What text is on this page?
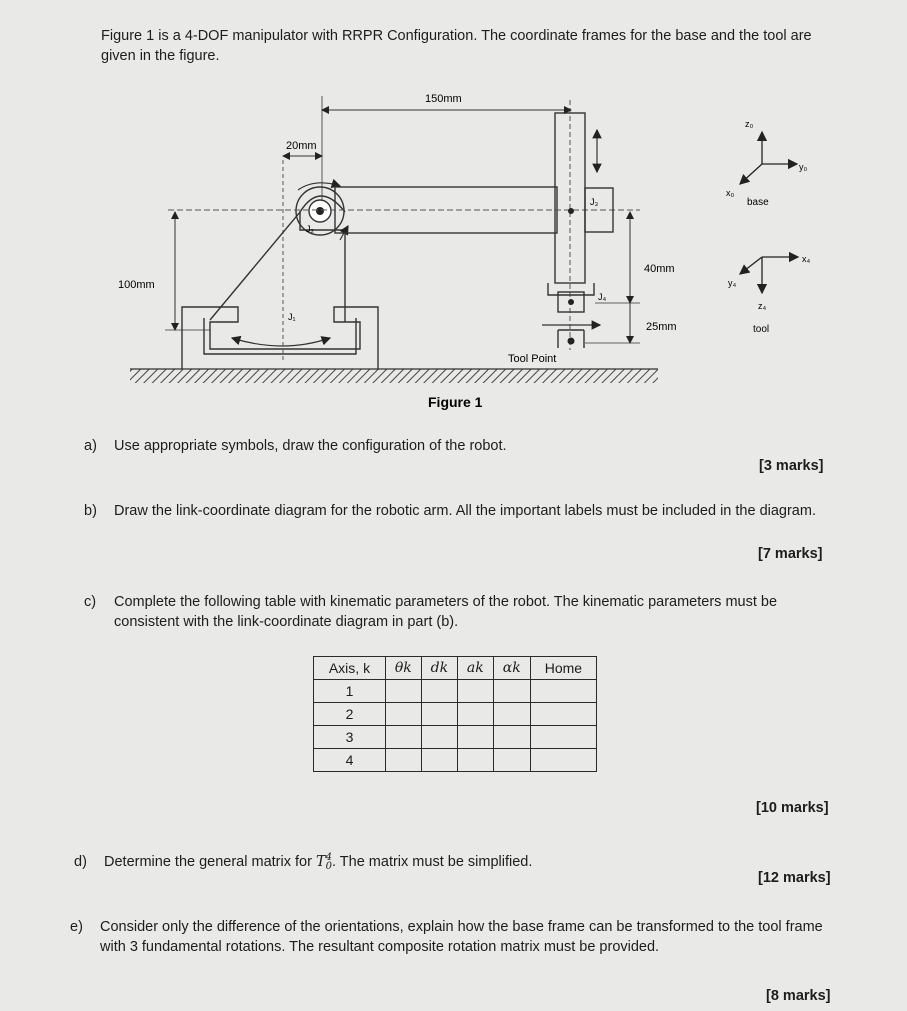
Figure 1 is a 4-DOF manipulator with RRPR Configuration. The coordinate frames for the base and the tool are given in the figure.
150mm
20mm
100mm
40mm
25mm
J₂
J₁
J₃
J₄
Tool Point
Figure 1
z₀
y₀
x₀
base
x₄
y₄
z₄
tool
a) Use appropriate symbols, draw the configuration of the robot.
[3 marks]
b)	Draw the link-coordinate diagram for the robotic arm. All the important labels must be included in the diagram.
[7 marks]
c)	Complete the following table with kinematic parameters of the robot. The kinematic parameters must be consistent with the link-coordinate diagram in part (b).
Axis, k	θk	dk	ak	αk	Home
1					
2					
3					
4					
[10 marks]
d) Determine the general matrix for T 4
0 . The matrix must be simplified.
[12 marks]
e)	Consider only the difference of the orientations, explain how the base frame can be transformed to the tool frame with 3 fundamental rotations. The resultant composite rotation matrix must be provided.
[8 marks]
